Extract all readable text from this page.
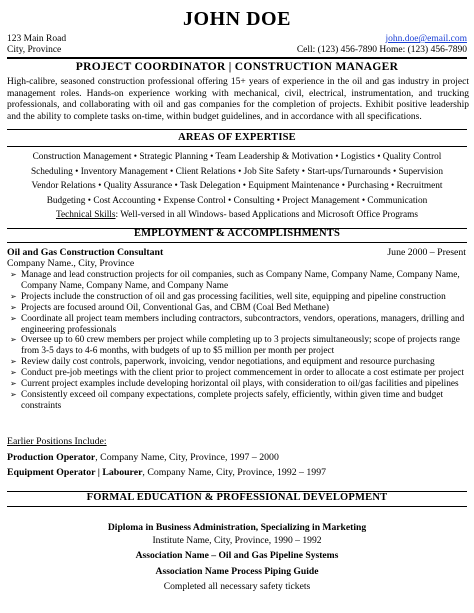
JOHN DOE
123 Main Road
City, Province
john.doe@email.com
Cell: (123) 456-7890 Home: (123) 456-7890
PROJECT COORDINATOR | CONSTRUCTION MANAGER
High-calibre, seasoned construction professional offering 15+ years of experience in the oil and gas industry in project management roles. Hands-on experience working with mechanical, civil, electrical, instrumentation, and trucking professionals, and collaborating with oil and gas companies for the completion of projects. Exhibit positive leadership and the ability to complete tasks on-time, within budget guidelines, and in accordance with all specifications.
AREAS OF EXPERTISE
Construction Management • Strategic Planning • Team Leadership & Motivation • Logistics • Quality Control
Scheduling • Inventory Management • Client Relations • Job Site Safety • Start-ups/Turnarounds • Supervision
Vendor Relations • Quality Assurance • Task Delegation • Equipment Maintenance • Purchasing • Recruitment
Budgeting • Cost Accounting • Expense Control • Consulting • Project Management • Communication
Technical Skills: Well-versed in all Windows- based Applications and Microsoft Office Programs
EMPLOYMENT & ACCOMPLISHMENTS
Oil and Gas Construction Consultant	June 2000 – Present
Company Name., City, Province
➢ Manage and lead construction projects for oil companies, such as Company Name, Company Name, Company Name, Company Name, Company Name, and Company Name
➢ Projects include the construction of oil and gas processing facilities, well site, equipping and pipeline construction
➢ Projects are focused around Oil, Conventional Gas, and CBM (Coal Bed Methane)
➢ Coordinate all project team members including contractors, subcontractors, vendors, operations, managers, drilling and engineering professionals
➢ Oversee up to 60 crew members per project while completing up to 3 projects simultaneously; scope of projects range from 3-5 days to 4-6 months, with budgets of up to $5 million per month per project
➢ Review daily cost controls, paperwork, invoicing, vendor negotiations, and equipment and resource purchasing
➢ Conduct pre-job meetings with the client prior to project commencement in order to allocate a cost estimate per project
➢ Current project examples include developing horizontal oil plays, with consideration to oil/gas facilities and pipelines
➢ Consistently exceed oil company expectations, complete projects safely, efficiently, within given time and budget constraints
Earlier Positions Include:
Production Operator, Company Name, City, Province, 1997 – 2000
Equipment Operator | Labourer, Company Name, City, Province, 1992 – 1997
FORMAL EDUCATION & PROFESSIONAL DEVELOPMENT
Diploma in Business Administration, Specializing in Marketing
Institute Name, City, Province, 1990 – 1992
Association Name – Oil and Gas Pipeline Systems
Association Name Process Piping Guide
Completed all necessary safety tickets
